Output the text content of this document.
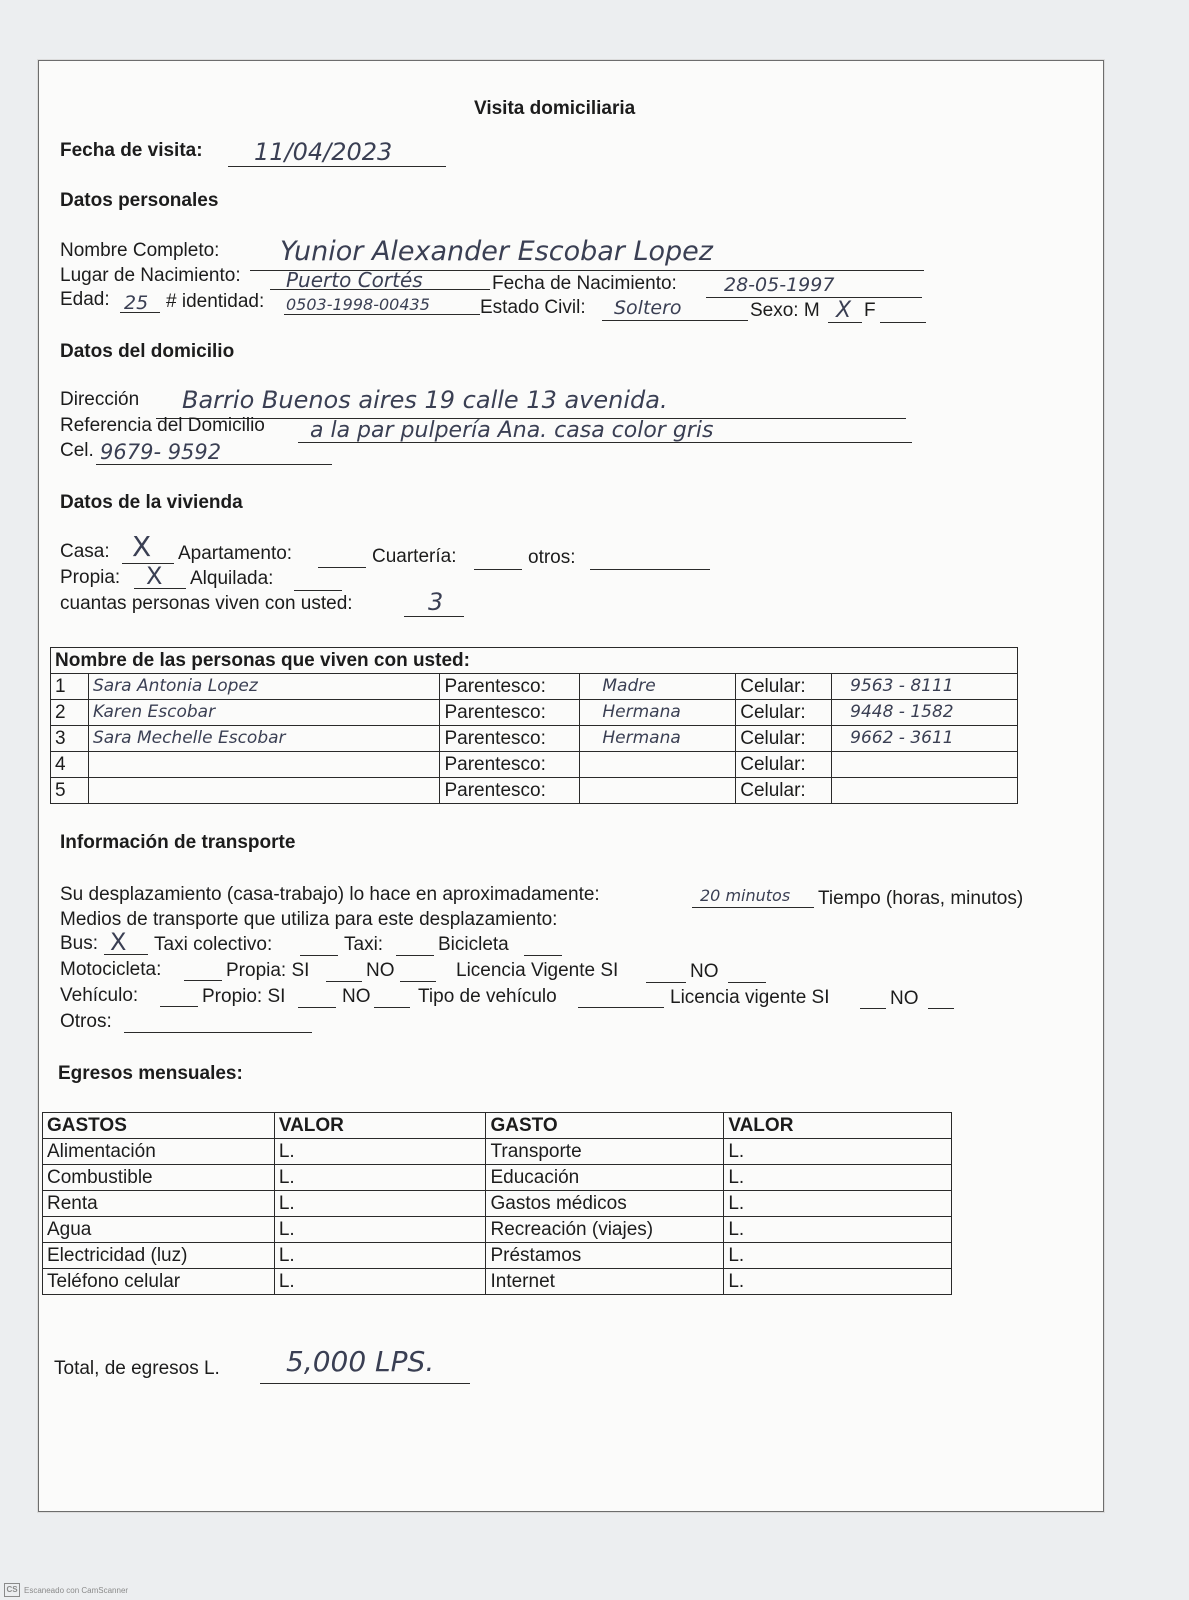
Visita domiciliaria
Fecha de visita: 11/04/2023
Datos personales
Nombre Completo: Yunior Alexander Escobar Lopez
Lugar de Nacimiento: Puerto Cortés	Fecha de Nacimiento: 28-05-1997
Edad: 25 # identidad: 0503-1998-00435	Estado Civil: Soltero	Sexo: M X F
Datos del domicilio
Dirección Barrio Buenos aires 19 calle 13 avenida.
Referencia del Domicilio a la par pulpería Ana. casa color gris
Cel. 9679- 9592
Datos de la vivienda
Casa: X Apartamento:	Cuartería:	otros:
Propia: X Alquilada:
cuantas personas viven con usted:	3
Nombre de las personas que viven con usted:					
1	Sara Antonia Lopez	Parentesco:	Madre	Celular:	9563 - 8111
2	Karen Escobar	Parentesco:	Hermana	Celular:	9448 - 1582
3	Sara Mechelle Escobar	Parentesco:	Hermana	Celular:	9662 - 3611
4		Parentesco:		Celular:	
5		Parentesco:		Celular:	
Información de transporte
Su desplazamiento (casa-trabajo) lo hace en aproximadamente:	20 minutos Tiempo (horas, minutos)
Medios de transporte que utiliza para este desplazamiento:
Bus: X Taxi colectivo:	Taxi:	Bicicleta
Motocicleta:	Propia: SI	NO	Licencia Vigente SI	NO
Vehículo:	Propio: SI	NO	Tipo de vehículo	Licencia vigente SI	NO
Otros:
Egresos mensuales:
GASTOS	VALOR	GASTO	VALOR
Alimentación	L.	Transporte	L.
Combustible	L.	Educación	L.
Renta	L.	Gastos médicos	L.
Agua	L.	Recreación (viajes)	L.
Electricidad (luz)	L.	Préstamos	L.
Teléfono celular	L.	Internet	L.
Total, de egresos L. 5,000 LPS.
CS Escaneado con CamScanner
